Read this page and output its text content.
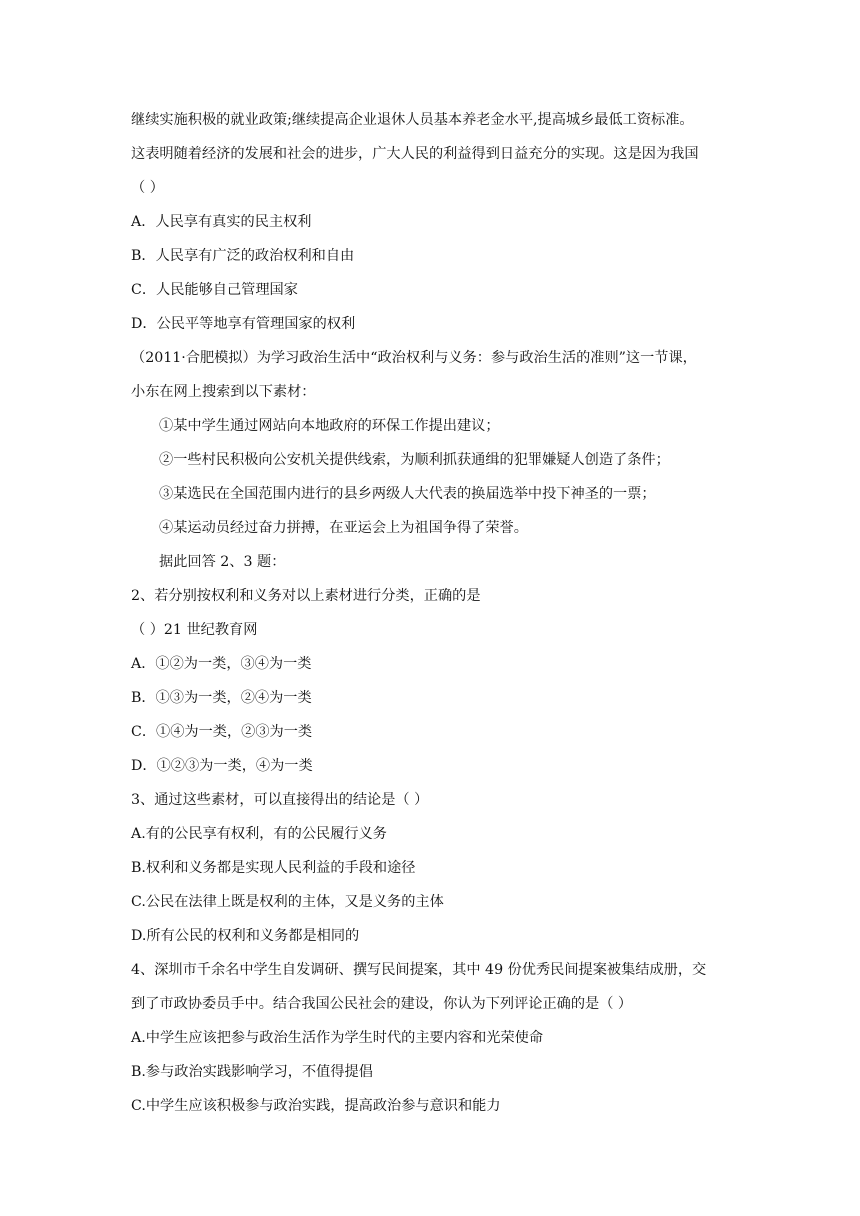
继续实施积极的就业政策;继续提高企业退休人员基本养老金水平,提高城乡最低工资标准。
这表明随着经济的发展和社会的进步，广大人民的利益得到日益充分的实现。这是因为我国
（ ）
A．人民享有真实的民主权利
B．人民享有广泛的政治权利和自由
C．人民能够自己管理国家
D．公民平等地享有管理国家的权利
（2011·合肥模拟）为学习政治生活中“政治权利与义务：参与政治生活的准则”这一节课，
小东在网上搜索到以下素材：
①某中学生通过网站向本地政府的环保工作提出建议；
②一些村民积极向公安机关提供线索，为顺利抓获通缉的犯罪嫌疑人创造了条件；
③某选民在全国范围内进行的县乡两级人大代表的换届选举中投下神圣的一票；
④某运动员经过奋力拼搏，在亚运会上为祖国争得了荣誉。
据此回答 2、3 题：
2、若分别按权利和义务对以上素材进行分类，正确的是
（ ）21 世纪教育网
A．①②为一类，③④为一类
B．①③为一类，②④为一类
C．①④为一类，②③为一类
D．①②③为一类，④为一类
3、通过这些素材，可以直接得出的结论是（ ）
A.有的公民享有权利，有的公民履行义务
B.权利和义务都是实现人民利益的手段和途径
C.公民在法律上既是权利的主体，又是义务的主体
D.所有公民的权利和义务都是相同的
4、深圳市千余名中学生自发调研、撰写民间提案，其中 49 份优秀民间提案被集结成册，交
到了市政协委员手中。结合我国公民社会的建设，你认为下列评论正确的是（ ）
A.中学生应该把参与政治生活作为学生时代的主要内容和光荣使命
B.参与政治实践影响学习，不值得提倡
C.中学生应该积极参与政治实践，提高政治参与意识和能力
